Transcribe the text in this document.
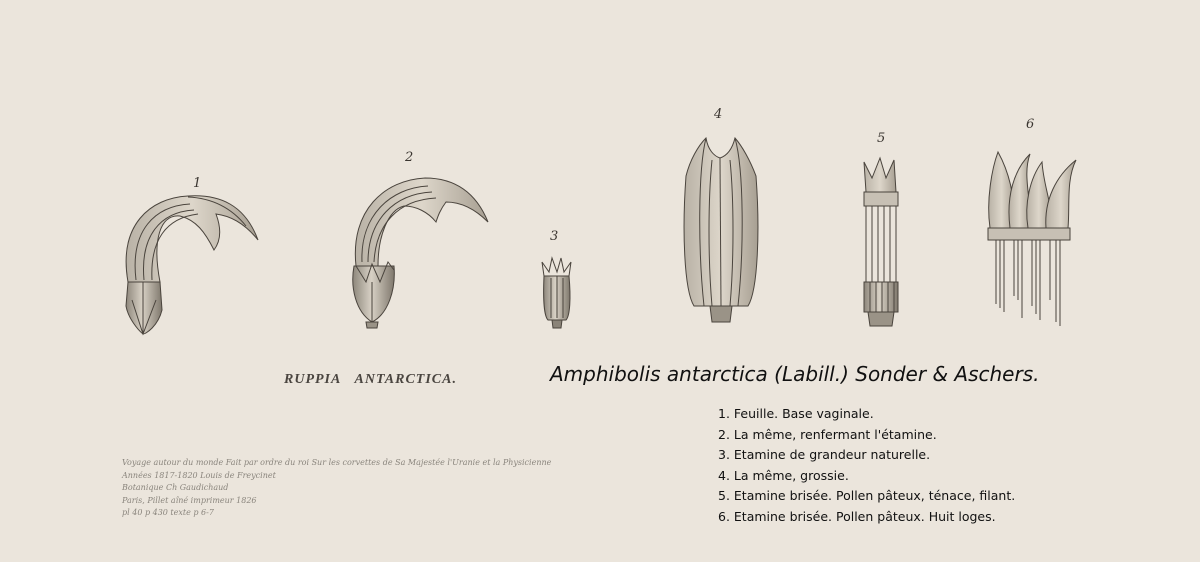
1
2
3
4
5
6
RUPPIA ANTARCTICA.	Amphibolis antarctica (Labill.) Sonder & Aschers.
1. Feuille. Base vaginale.
2. La même, renfermant l'étamine.
3. Etamine de grandeur naturelle.
4. La même, grossie.
5. Etamine brisée. Pollen pâteux, ténace, filant.
6. Etamine brisée. Pollen pâteux. Huit loges.
Voyage autour du monde Fait par ordre du roi Sur les corvettes de Sa Majestée l'Uranie et la Physicienne
Années 1817-1820 Louis de Freycinet
Botanique Ch Gaudichaud
Paris, Pillet aîné imprimeur 1826
pl 40 p 430 texte p 6-7
